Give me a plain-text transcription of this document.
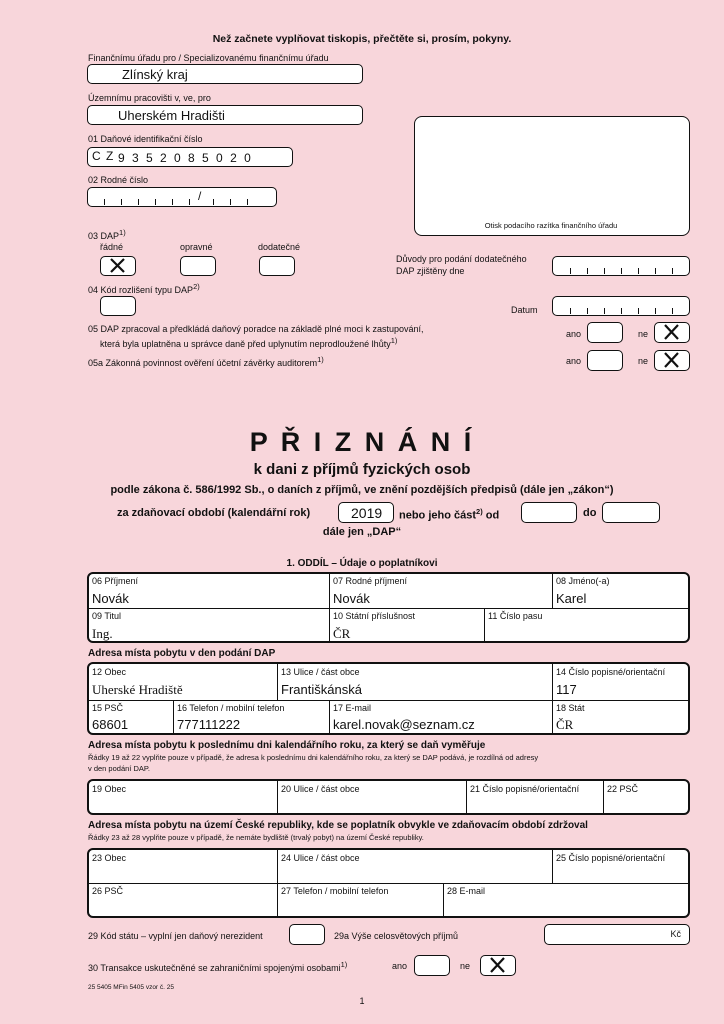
Než začnete vyplňovat tiskopis, přečtěte si, prosím, pokyny.
Finančnímu úřadu pro / Specializovanému finančnímu úřadu
Zlínský kraj
Územnímu pracovišti v, ve, pro
Uherském Hradišti
01 Daňové identifikační číslo
C Z 9 3 5 2 0 8 5 0 2 0
02 Rodné číslo
/
Otisk podacího razítka finančního úřadu
03 DAP$^{1)}$
řádné	opravné	dodatečné
Důvody pro podání dodatečného DAP zjištěny dne
04 Kód rozlišení typu DAP$^{2)}$
Datum
05 DAP zpracoval a předkládá daňový poradce na základě plné moci k zastupování,
která byla uplatněna u správce daně před uplynutím neprodloužené lhůty$^{1)}$
ano	ne
05a Zákonná povinnost ověření účetní závěrky auditorem$^{1)}$	ano	ne
P Ř I Z N Á N Í
k dani z příjmů fyzických osob
podle zákona č. 586/1992 Sb., o daních z příjmů, ve znění pozdějších předpisů (dále jen „zákon“)
za zdaňovací období (kalendářní rok)	2019 nebo jeho část$^{2)}$ od	do
dále jen „DAP“
1. ODDÍL – Údaje o poplatníkovi
06 Příjmení
Novák
07 Rodné příjmení
Novák
08 Jméno(-a)
Karel
09 Titul
Ing.
10 Státní příslušnost
ČR
11 Číslo pasu
Adresa místa pobytu v den podání DAP
12 Obec
Uherské Hradiště
13 Ulice / část obce
Františkánská
14 Číslo popisné/orientační
117
15 PSČ
68601
16 Telefon / mobilní telefon
777111222
17 E-mail
karel.novak@seznam.cz
18 Stát
ČR
Adresa místa pobytu k poslednímu dni kalendářního roku, za který se daň vyměřuje
Řádky 19 až 22 vyplňte pouze v případě, že adresa k poslednímu dni kalendářního roku, za který se DAP podává, je rozdílná od adresy
v den podání DAP.
19 Obec	20 Ulice / část obce	21 Číslo popisné/orientační	22 PSČ
Adresa místa pobytu na území České republiky, kde se poplatník obvykle ve zdaňovacím období zdržoval
Řádky 23 až 28 vyplňte pouze v případě, že nemáte bydliště (trvalý pobyt) na území České republiky.
23 Obec	24 Ulice / část obce	25 Číslo popisné/orientační
26 PSČ	27 Telefon / mobilní telefon	28 E-mail
29 Kód státu – vyplní jen daňový nerezident	29a Výše celosvětových příjmů	Kč
30 Transakce uskutečněné se zahraničními spojenými osobami$^{1)}$	ano	ne
25 5405 MFin 5405 vzor č. 25
1
